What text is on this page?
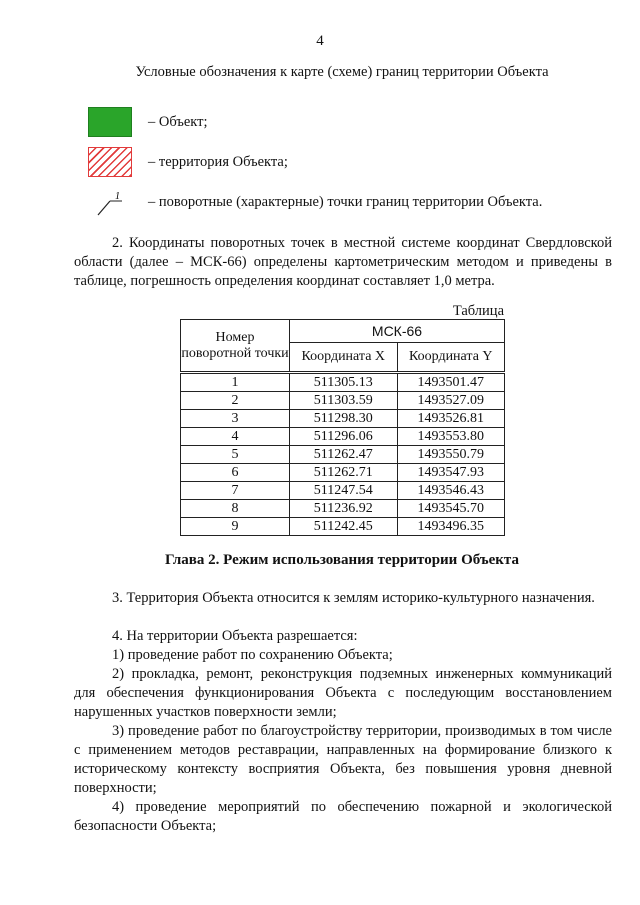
4
Условные обозначения к карте (схеме) границ территории Объекта
– Объект;
– территория Объекта;
1 – поворотные (характерные) точки границ территории Объекта.
2. Координаты поворотных точек в местной системе координат Свердловской области (далее – МСК-66) определены картометрическим методом и приведены в таблице, погрешность определения координат составляет 1,0 метра.
Таблица
Номер поворотной точки	МСК-66	
	Координата X	Координата Y
1	511305.13	1493501.47
2	511303.59	1493527.09
3	511298.30	1493526.81
4	511296.06	1493553.80
5	511262.47	1493550.79
6	511262.71	1493547.93
7	511247.54	1493546.43
8	511236.92	1493545.70
9	511242.45	1493496.35
Глава 2. Режим использования территории Объекта
3. Территория Объекта относится к землям историко-культурного назначения.
4. На территории Объекта разрешается:
1) проведение работ по сохранению Объекта;
2) прокладка, ремонт, реконструкция подземных инженерных коммуникаций для обеспечения функционирования Объекта с последующим восстановлением нарушенных участков поверхности земли;
3) проведение работ по благоустройству территории, производимых в том числе с применением методов реставрации, направленных на формирование близкого к историческому контексту восприятия Объекта, без повышения уровня дневной поверхности;
4) проведение мероприятий по обеспечению пожарной и экологической безопасности Объекта;
